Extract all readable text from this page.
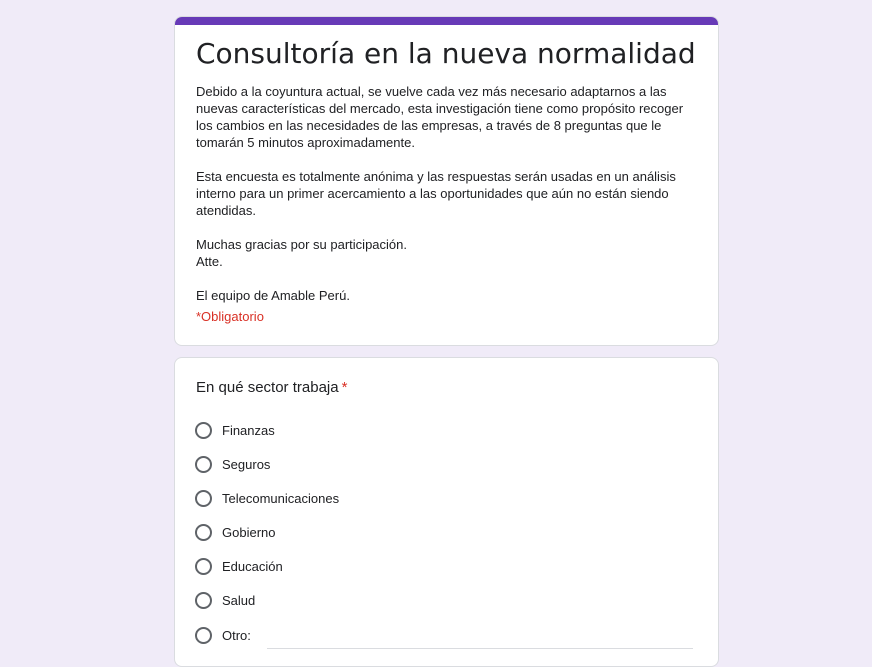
Consultoría en la nueva normalidad

Debido a la coyuntura actual, se vuelve cada vez más necesario adaptarnos a las nuevas características del mercado, esta investigación tiene como propósito recoger los cambios en las necesidades de las empresas, a través de 8 preguntas que le tomarán 5 minutos aproximadamente.

Esta encuesta es totalmente anónima y las respuestas serán usadas en un análisis interno para un primer acercamiento a las oportunidades que aún no están siendo atendidas.

Muchas gracias por su participación.

Atte.

El equipo de Amable Perú.

*Obligatorio
En qué sector trabaja *
Finanzas
Seguros
Telecomunicaciones
Gobierno
Educación
Salud
Otro:
